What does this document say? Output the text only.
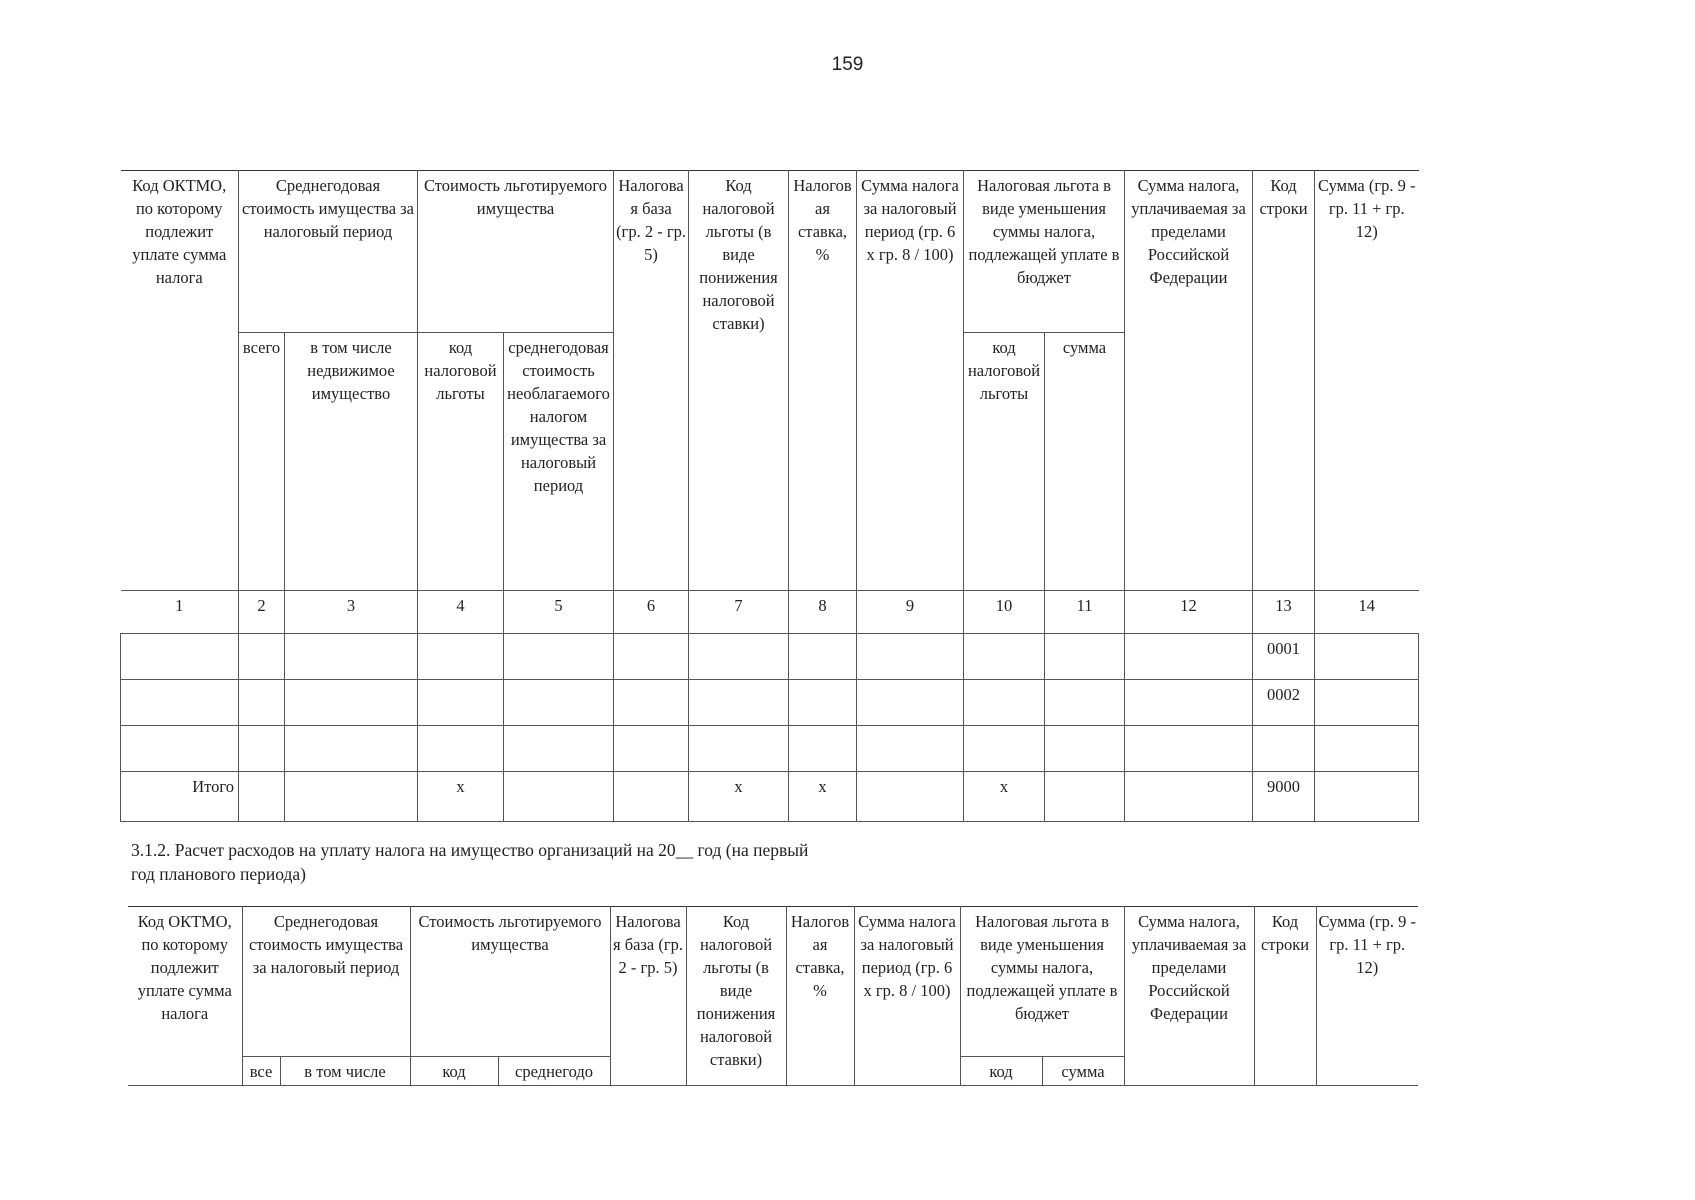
159
Код ОКТМО, по которому подлежит уплате сумма налога	Среднегодовая стоимость имущества за налоговый период		Стоимость льготируемого имущества		Налоговая база (гр. 2 - гр. 5)	Код налоговой льготы (в виде понижения налоговой ставки)	Налоговая ставка, %	Сумма налога за налоговый период (гр. 6 x гр. 8 / 100)	Налоговая льгота в виде уменьшения суммы налога, подлежащей уплате в бюджет		Сумма налога, уплачиваемая за пределами Российской Федерации	Код строки	Сумма (гр. 9 - гр. 11 + гр. 12)
	всего	в том числе недвижимое имущество	код налоговой льготы	среднегодовая стоимость необлагаемого налогом имущества за налоговый период					код налоговой льготы	сумма			
1	2	3	4	5	6	7	8	9	10	11	12	13	14
												0001	
												0002	

Итого			x			x	x		x			9000	
3.1.2. Расчет расходов на уплату налога на имущество организаций на 20__ год (на первый год планового периода)
Код ОКТМО, по которому подлежит уплате сумма налога	Среднегодовая стоимость имущества за налоговый период		Стоимость льготируемого имущества		Налоговая база (гр. 2 - гр. 5)	Код налоговой льготы (в виде понижения налоговой ставки)	Налоговая ставка, %	Сумма налога за налоговый период (гр. 6 x гр. 8 / 100)	Налоговая льгота в виде уменьшения суммы налога, подлежащей уплате в бюджет		Сумма налога, уплачиваемая за пределами Российской Федерации	Код строки	Сумма (гр. 9 - гр. 11 + гр. 12)
	все	в том числе	код	среднегодо					код	сумма			
